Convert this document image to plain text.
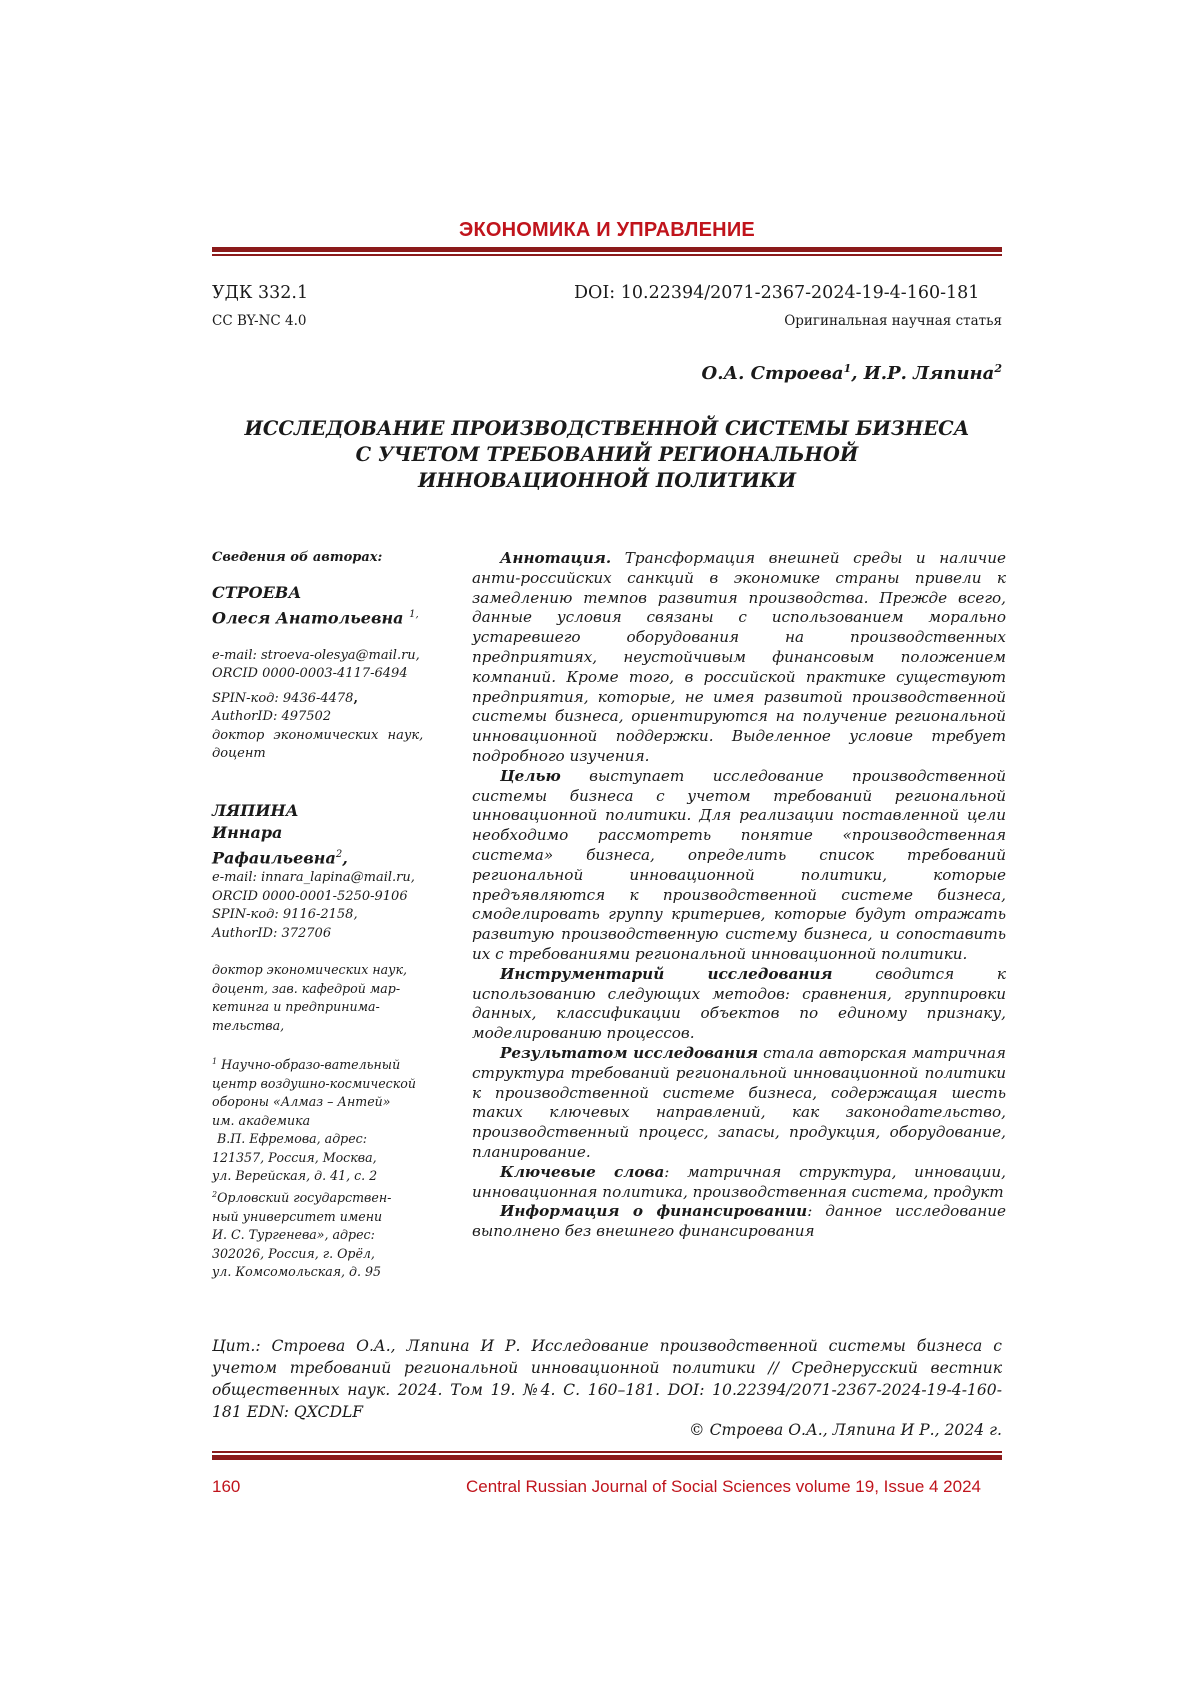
ЭКОНОМИКА И УПРАВЛЕНИЕ
УДК 332.1	DOI: 10.22394/2071-2367-2024-19-4-160-181
CC BY-NC 4.0	Оригинальная научная статья
О.А. Строева$^1$, И.Р. Ляпина$^2$
ИССЛЕДОВАНИЕ ПРОИЗВОДСТВЕННОЙ СИСТЕМЫ БИЗНЕСА
С УЧЕТОМ ТРЕБОВАНИЙ РЕГИОНАЛЬНОЙ
ИННОВАЦИОННОЙ ПОЛИТИКИ
Сведения об авторах:
СТРОЕВА
Олеся Анатольевна $^{1,}$
e-mail: stroeva-olesya@mail.ru,
ORCID 0000-0003-4117-6494
SPIN-код: 9436-4478,
AuthorID: 497502
доктор экономических наук,
доцент
ЛЯПИНА
Иннара
Рафаильевна$^2$,
e-mail: innara_lapina@mail.ru,
ORCID 0000-0001-5250-9106
SPIN-код: 9116-2158,
AuthorID: 372706
доктор экономических наук,
доцент, зав. кафедрой мар-
кетинга и предпринима-
тельства,
$^1$ Научно-образо-вательный
центр воздушно-космической
обороны «Алмаз – Антей»
им. академика
В.П. Ефремова, адрес:
121357, Россия, Москва,
ул. Верейская, д. 41, с. 2
$^2$Орловский государствен-
ный университет имени
И. С. Тургенева», адрес:
302026, Россия, г. Орёл,
ул. Комсомольская, д. 95

Аннотация. Трансформация внешней среды и наличие анти-российских санкций в экономике страны привели к замедлению темпов развития производства. Прежде всего, данные условия связаны с использованием морально устаревшего оборудования на производственных предприятиях, неустойчивым финансовым положением компаний. Кроме того, в российской практике существуют предприятия, которые, не имея развитой производственной системы бизнеса, ориентируются на получение региональной инновационной поддержки. Выделенное условие требует подробного изучения.

Целью выступает исследование производственной системы бизнеса с учетом требований региональной инновационной политики. Для реализации поставленной цели необходимо рассмотреть понятие «производственная система» бизнеса, определить список требований региональной инновационной политики, которые предъявляются к производственной системе бизнеса, смоделировать группу критериев, которые будут отражать развитую производственную систему бизнеса, и сопоставить их с требованиями региональной инновационной политики.

Инструментарий исследования сводится к использованию следующих методов: сравнения, группировки данных, классификации объектов по единому признаку, моделированию процессов.

Результатом исследования стала авторская матричная структура требований региональной инновационной политики к производственной системе бизнеса, содержащая шесть таких ключевых направлений, как законодательство, производственный процесс, запасы, продукция, оборудование, планирование.

Ключевые слова: матричная структура, инновации, инновационная политика, производственная система, продукт

Информация о финансировании: данное исследование выполнено без внешнего финансирования

Цит.: Строева О.А., Ляпина И Р. Исследование производственной системы бизнеса с учетом требований региональной инновационной политики // Среднерусский вестник общественных наук. 2024. Том 19. №4. С. 160–181. DOI: 10.22394/2071-2367-2024-19-4-160-181 EDN: QXCDLF
© Строева О.А., Ляпина И Р., 2024 г.
160	Central Russian Journal of Social Sciences volume 19, Issue 4 2024
